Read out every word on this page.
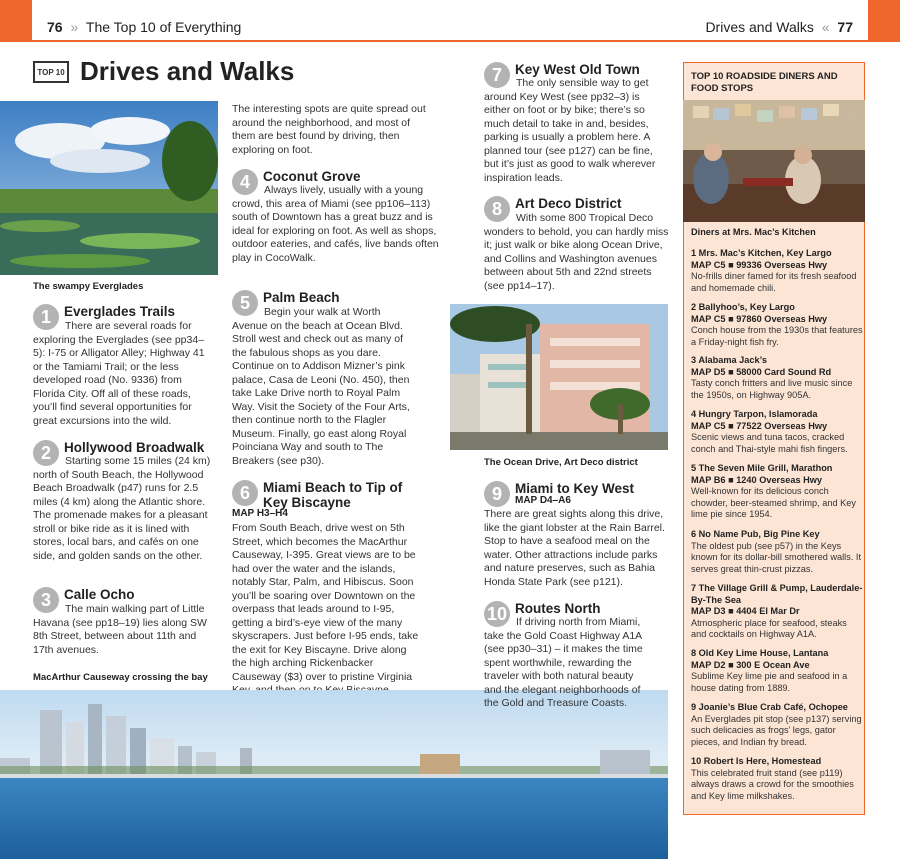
76 » The Top 10 of Everything	Drives and Walks « 77
TOP 10 Drives and Walks
The swampy Everglades
1 Everglades Trails
There are several roads for exploring the Everglades (see pp34–5): I-75 or Alligator Alley; Highway 41 or the Tamiami Trail; or the less developed road (No. 9336) from Florida City. Off all of these roads, you’ll find several opportunities for great excursions into the wild.
2 Hollywood Broadwalk
Starting some 15 miles (24 km) north of South Beach, the Hollywood Beach Broadwalk (p47) runs for 2.5 miles (4 km) along the Atlantic shore. The promenade makes for a pleasant stroll or bike ride as it is lined with stores, local bars, and cafés on one side, and golden sands on the other.
3 Calle Ocho
The main walking part of Little Havana (see pp18–19) lies along SW 8th Street, between about 11th and 17th avenues.
MacArthur Causeway crossing the bay
The interesting spots are quite spread out around the neighborhood, and most of them are best found by driving, then exploring on foot.
4 Coconut Grove
Always lively, usually with a young crowd, this area of Miami (see pp106–113) south of Downtown has a great buzz and is ideal for exploring on foot. As well as shops, outdoor eateries, and cafés, live bands often play in CocoWalk.
5 Palm Beach
Begin your walk at Worth Avenue on the beach at Ocean Blvd. Stroll west and check out as many of the fabulous shops as you dare. Continue on to Addison Mizner’s pink palace, Casa de Leoni (No. 450), then take Lake Drive north to Royal Palm Way. Visit the Society of the Four Arts, then continue north to the Flagler Museum. Finally, go east along Royal Poinciana Way and south to The Breakers (see p30).
6 Miami Beach to Tip of Key Biscayne
MAP H3–H4
From South Beach, drive west on 5th Street, which becomes the MacArthur Causeway, I-395. Great views are to be had over the water and the islands, notably Star, Palm, and Hibiscus. Soon you’ll be soaring over Downtown on the overpass that leads around to I-95, getting a bird’s-eye view of the many skyscrapers. Just before I-95 ends, take the exit for Key Biscayne. Drive along the high arching Rickenbacker Causeway ($3) over to pristine Virginia
7 Key West Old Town
The only sensible way to get around Key West (see pp32–3) is either on foot or by bike; there’s so much detail to take in and, besides, parking is usually a problem here. A planned tour (see p127) can be fine, but it’s just as good to walk wherever inspiration leads.
8 Art Deco District
With some 800 Tropical Deco wonders to behold, you can hardly miss it; just walk or bike along Ocean Drive, and Collins and Washington avenues between about 5th and 22nd streets (see pp14–17).
The Ocean Drive, Art Deco district
9 Miami to Key West
MAP D4–A6
There are great sights along this drive, like the giant lobster at the Rain Barrel. Stop to have a seafood meal on the water. Other attractions include parks and nature preserves, such as Bahia Honda State Park (see p121).
10 Routes North
If driving north from Miami, take the Gold Coast Highway A1A (see pp30–31) – it makes the time spent worthwhile, rewarding the traveler with both natural beauty and the elegant neighborhoods of the Gold and Treasure Coasts.
TOP 10 ROADSIDE DINERS AND FOOD STOPS
Diners at Mrs. Mac’s Kitchen
1 Mrs. Mac’s Kitchen, Key Largo
MAP C5 ■ 99336 Overseas Hwy
No-frills diner famed for its fresh seafood and homemade chili.
2 Ballyhoo’s, Key Largo
MAP C5 ■ 97860 Overseas Hwy
Conch house from the 1930s that features a Friday-night fish fry.
3 Alabama Jack’s
MAP D5 ■ 58000 Card Sound Rd
Tasty conch fritters and live music since the 1950s, on Highway 905A.
4 Hungry Tarpon, Islamorada
MAP C5 ■ 77522 Overseas Hwy
Scenic views and tuna tacos, cracked conch and Thai-style mahi fish fingers.
5 The Seven Mile Grill, Marathon
MAP B6 ■ 1240 Overseas Hwy
Well-known for its delicious conch chowder, beer-steamed shrimp, and Key lime pie since 1954.
6 No Name Pub, Big Pine Key
The oldest pub (see p57) in the Keys known for its dollar-bill smothered walls. It serves great thin-crust pizzas.
7 The Village Grill & Pump, Lauderdale-By-The Sea
MAP D3 ■ 4404 El Mar Dr
Atmospheric place for seafood, steaks and cocktails on Highway A1A.
8 Old Key Lime House, Lantana
MAP D2 ■ 300 E Ocean Ave
Sublime Key lime pie and seafood in a house dating from 1889.
9 Joanie’s Blue Crab Café, Ochopee
An Everglades pit stop (see p137) serving such delicacies as frogs’ legs, gator pieces, and Indian fry bread.
10 Robert Is Here, Homestead
This celebrated fruit stand (see p119) always draws a crowd for the smoothies and Key lime milkshakes.
